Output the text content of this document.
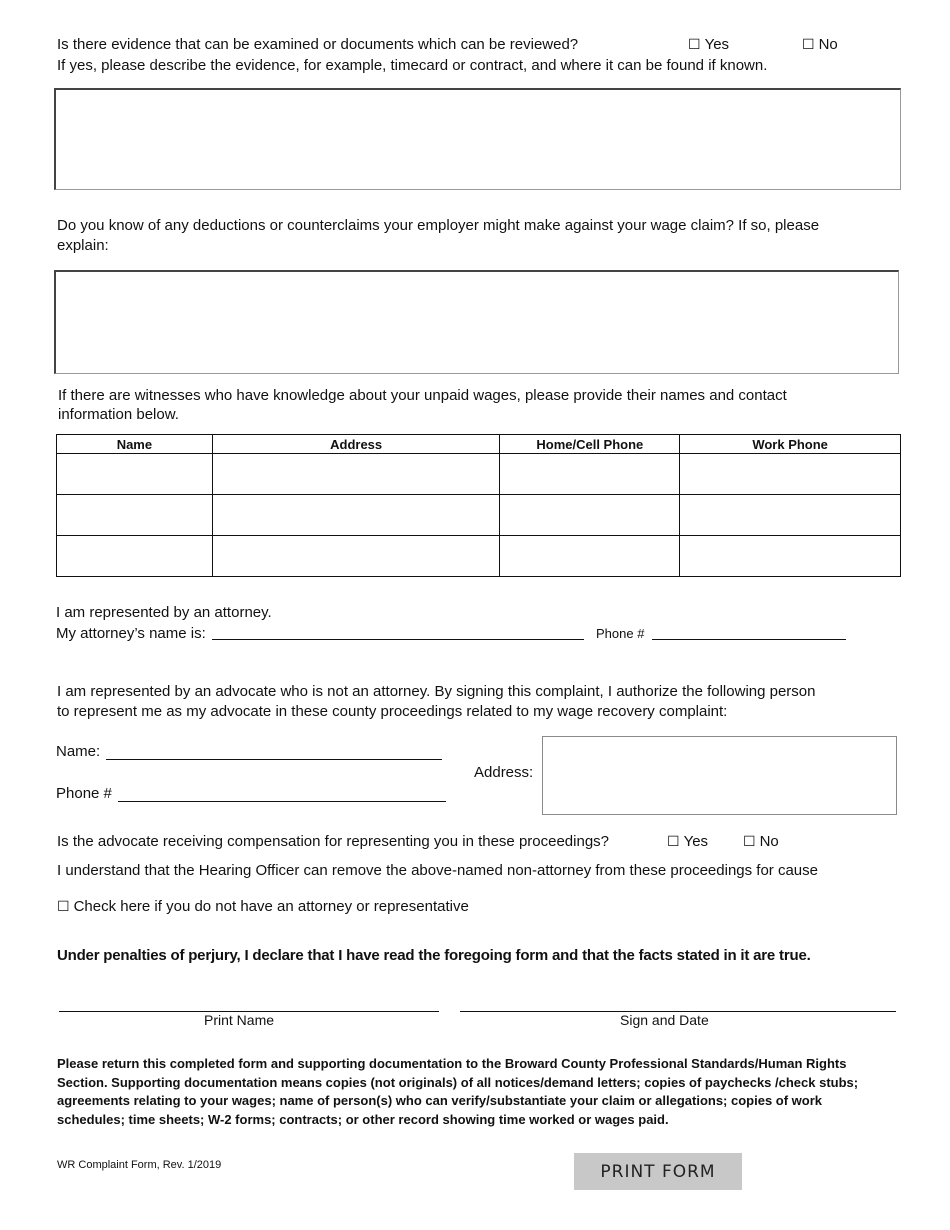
Is there evidence that can be examined or documents which can be reviewed?	☐ Yes	☐ No
If yes, please describe the evidence, for example, timecard or contract, and where it can be found if known.
Do you know of any deductions or counterclaims your employer might make against your wage claim? If so, please
explain:
If there are witnesses who have knowledge about your unpaid wages, please provide their names and contact
information below.
Name	Address	Home/Cell Phone	Work Phone

I am represented by an attorney.
My attorney’s name is:	Phone #
I am represented by an advocate who is not an attorney. By signing this complaint, I authorize the following person
to represent me as my advocate in these county proceedings related to my wage recovery complaint:
Name:
Phone #
Address:
Is the advocate receiving compensation for representing you in these proceedings?	☐ Yes ☐ No
I understand that the Hearing Officer can remove the above-named non-attorney from these proceedings for cause
☐ Check here if you do not have an attorney or representative
Under penalties of perjury, I declare that I have read the foregoing form and that the facts stated in it are true.
Print Name	Sign and Date
Please return this completed form and supporting documentation to the Broward County Professional Standards/Human Rights Section. Supporting documentation means copies (not originals) of all notices/demand letters; copies of paychecks /check stubs; agreements relating to your wages; name of person(s) who can verify/substantiate your claim or allegations; copies of work schedules; time sheets; W-2 forms; contracts; or other record showing time worked or wages paid.
WR Complaint Form, Rev. 1/2019	PRINT FORM
